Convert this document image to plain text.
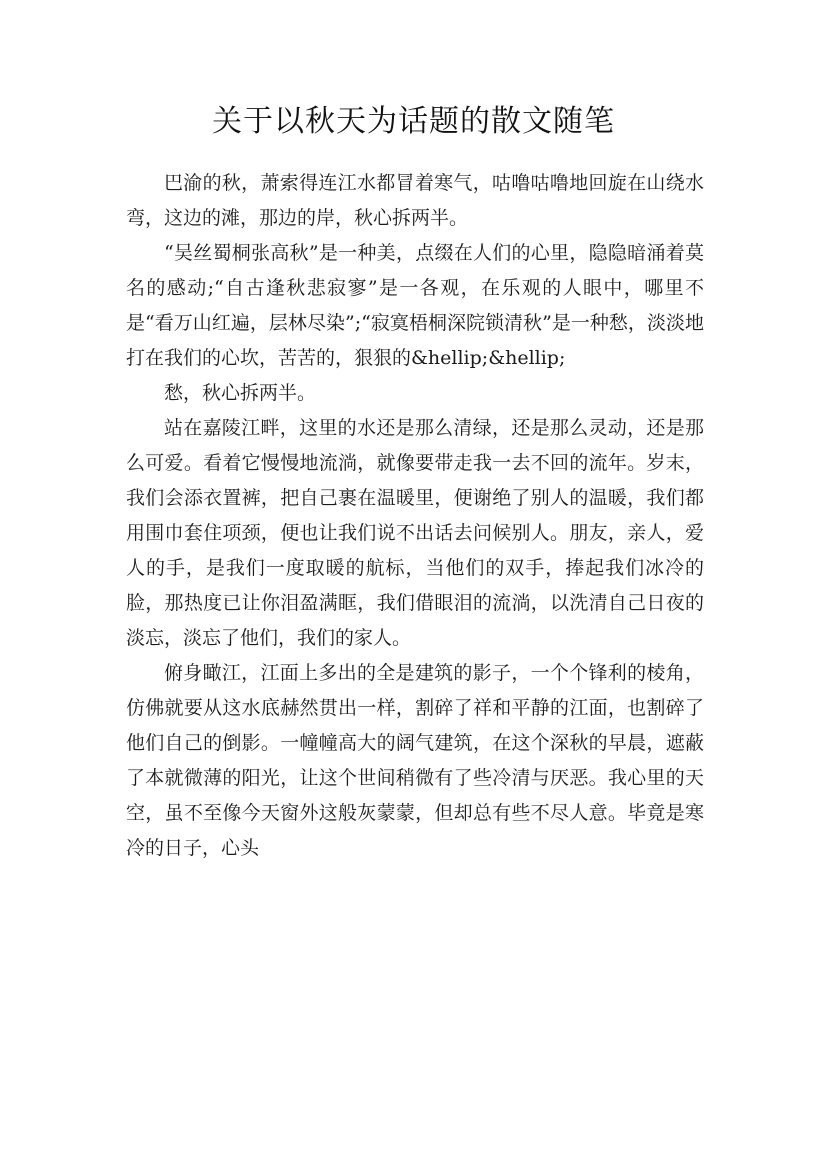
关于以秋天为话题的散文随笔

巴渝的秋，萧索得连江水都冒着寒气，咕噜咕噜地回旋在山绕水弯，这边的滩，那边的岸，秋心拆两半。

“吴丝蜀桐张高秋”是一种美，点缀在人们的心里，隐隐暗涌着莫名的感动;“自古逢秋悲寂寥”是一各观，在乐观的人眼中，哪里不是“看万山红遍，层林尽染”;“寂寞梧桐深院锁清秋”是一种愁，淡淡地打在我们的心坎，苦苦的，狠狠的&hellip;&hellip;

愁，秋心拆两半。

站在嘉陵江畔，这里的水还是那么清绿，还是那么灵动，还是那么可爱。看着它慢慢地流淌，就像要带走我一去不回的流年。岁末，我们会添衣置裤，把自己裹在温暖里，便谢绝了别人的温暖，我们都用围巾套住项颈，便也让我们说不出话去问候别人。朋友，亲人，爱人的手，是我们一度取暖的航标，当他们的双手，捧起我们冰冷的脸，那热度已让你泪盈满眶，我们借眼泪的流淌，以洗清自己日夜的淡忘，淡忘了他们，我们的家人。

俯身瞰江，江面上多出的全是建筑的影子，一个个锋利的棱角，仿佛就要从这水底赫然贯出一样，割碎了祥和平静的江面，也割碎了他们自己的倒影。一幢幢高大的阔气建筑，在这个深秋的早晨，遮蔽了本就微薄的阳光，让这个世间稍微有了些冷清与厌恶。我心里的天空，虽不至像今天窗外这般灰蒙蒙，但却总有些不尽人意。毕竟是寒冷的日子，心头
